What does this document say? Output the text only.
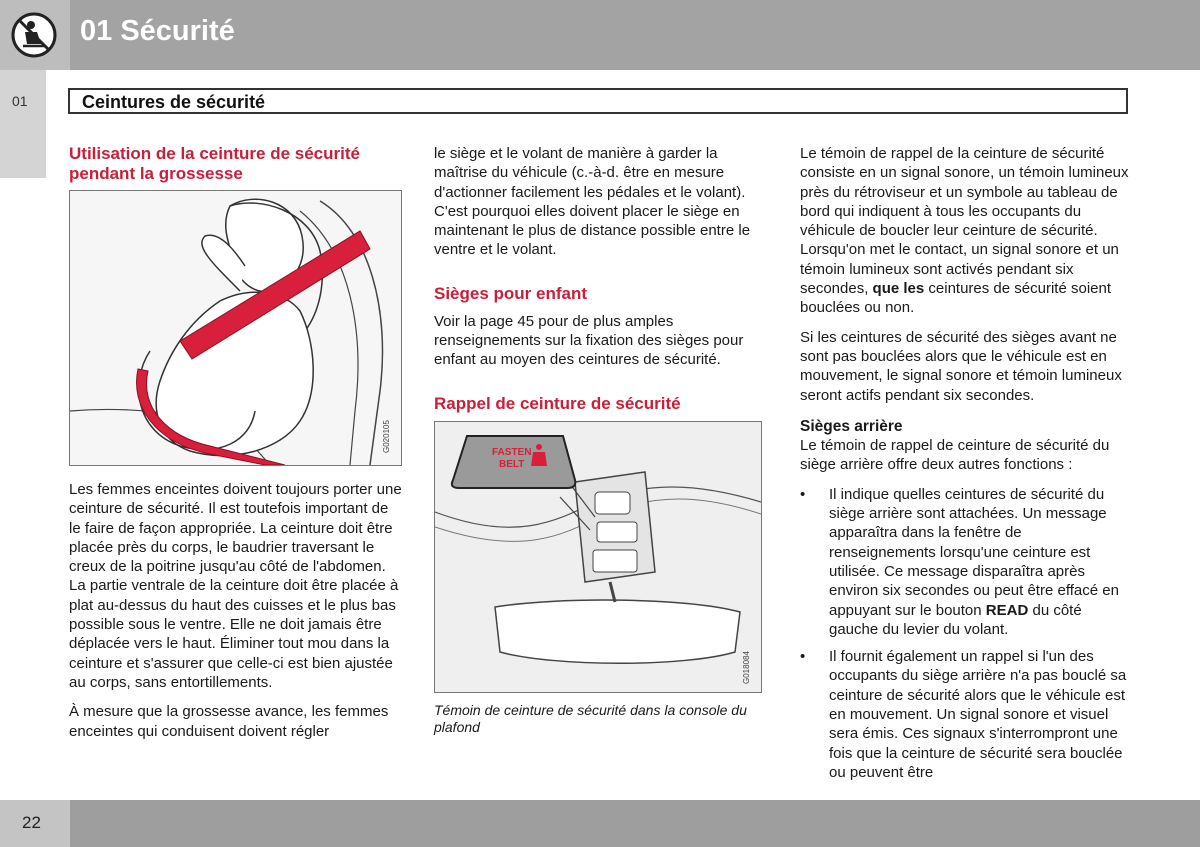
01 Sécurité
01	Ceintures de sécurité
Utilisation de la ceinture de sécurité pendant la grossesse
G020105

Les femmes enceintes doivent toujours porter une ceinture de sécurité. Il est toutefois important de le faire de façon appropriée. La ceinture doit être placée près du corps, le baudrier traversant le creux de la poitrine jusqu'au côté de l'abdomen. La partie ventrale de la ceinture doit être placée à plat au-dessus du haut des cuisses et le plus bas possible sous le ventre. Elle ne doit jamais être déplacée vers le haut. Éliminer tout mou dans la ceinture et s'assurer que celle-ci est bien ajustée au corps, sans entortillements.

À mesure que la grossesse avance, les femmes enceintes qui conduisent doivent régler

le siège et le volant de manière à garder la maîtrise du véhicule (c.-à-d. être en mesure d'actionner facilement les pédales et le volant). C'est pourquoi elles doivent placer le siège en maintenant le plus de distance possible entre le ventre et le volant.

Sièges pour enfant

Voir la page 45 pour de plus amples renseignements sur la fixation des sièges pour enfant au moyen des ceintures de sécurité.

Rappel de ceinture de sécurité
FASTEN
BELT
G018084
Témoin de ceinture de sécurité dans la console du plafond

Le témoin de rappel de la ceinture de sécurité consiste en un signal sonore, un témoin lumineux près du rétroviseur et un symbole au tableau de bord qui indiquent à tous les occupants du véhicule de boucler leur ceinture de sécurité. Lorsqu'on met le contact, un signal sonore et un témoin lumineux sont activés pendant six secondes, que les ceintures de sécurité soient bouclées ou non.

Si les ceintures de sécurité des sièges avant ne sont pas bouclées alors que le véhicule est en mouvement, le signal sonore et témoin lumineux seront actifs pendant six secondes.

Sièges arrière

Le témoin de rappel de ceinture de sécurité du siège arrière offre deux autres fonctions :

• Il indique quelles ceintures de sécurité du siège arrière sont attachées. Un message apparaîtra dans la fenêtre de renseignements lorsqu'une ceinture est utilisée. Ce message disparaîtra après environ six secondes ou peut être effacé en appuyant sur le bouton READ du côté gauche du levier du volant.
• Il fournit également un rappel si l'un des occupants du siège arrière n'a pas bouclé sa ceinture de sécurité alors que le véhicule est en mouvement. Un signal sonore et visuel sera émis. Ces signaux s'interrompront une fois que la ceinture de sécurité sera bouclée ou peuvent être
22
